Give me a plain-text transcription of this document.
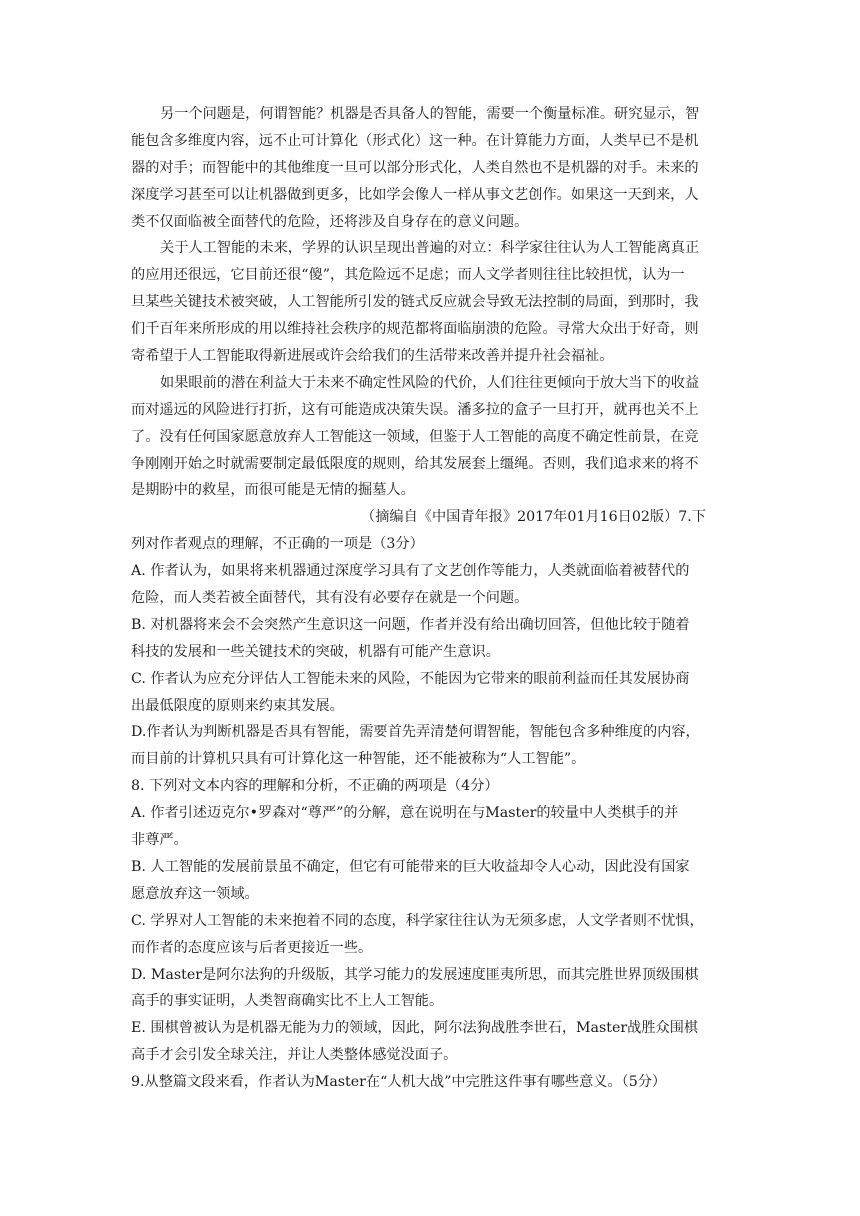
另一个问题是，何谓智能？机器是否具备人的智能，需要一个衡量标准。研究显示，智
能包含多维度内容，远不止可计算化（形式化）这一种。在计算能力方面，人类早已不是机
器的对手；而智能中的其他维度一旦可以部分形式化，人类自然也不是机器的对手。未来的
深度学习甚至可以让机器做到更多，比如学会像人一样从事文艺创作。如果这一天到来，人
类不仅面临被全面替代的危险，还将涉及自身存在的意义问题。
关于人工智能的未来，学界的认识呈现出普遍的对立：科学家往往认为人工智能离真正
的应用还很远，它目前还很“傻”，其危险远不足虑；而人文学者则往往比较担忧，认为一
旦某些关键技术被突破，人工智能所引发的链式反应就会导致无法控制的局面，到那时，我
们千百年来所形成的用以维持社会秩序的规范都将面临崩溃的危险。寻常大众出于好奇，则
寄希望于人工智能取得新进展或许会给我们的生活带来改善并提升社会福祉。
如果眼前的潜在利益大于未来不确定性风险的代价，人们往往更倾向于放大当下的收益
而对遥远的风险进行打折，这有可能造成决策失误。潘多拉的盒子一旦打开，就再也关不上
了。没有任何国家愿意放弃人工智能这一领域，但鉴于人工智能的高度不确定性前景，在竞
争刚刚开始之时就需要制定最低限度的规则，给其发展套上缰绳。否则，我们追求来的将不
是期盼中的救星，而很可能是无情的掘墓人。
（摘编自《中国青年报》2017年01月16日02版）7.下
列对作者观点的理解，不正确的一项是（3分）
A. 作者认为，如果将来机器通过深度学习具有了文艺创作等能力，人类就面临着被替代的
危险，而人类若被全面替代，其有没有必要存在就是一个问题。
B. 对机器将来会不会突然产生意识这一问题，作者并没有给出确切回答，但他比较于随着
科技的发展和一些关键技术的突破，机器有可能产生意识。
C. 作者认为应充分评估人工智能未来的风险，不能因为它带来的眼前利益而任其发展协商
出最低限度的原则来约束其发展。
D.作者认为判断机器是否具有智能，需要首先弄清楚何谓智能，智能包含多种维度的内容，
而目前的计算机只具有可计算化这一种智能，还不能被称为“人工智能”。
8. 下列对文本内容的理解和分析，不正确的两项是（4分）
A. 作者引述迈克尔•罗森对“尊严”的分解，意在说明在与Master的较量中人类棋手的并
非尊严。
B. 人工智能的发展前景虽不确定，但它有可能带来的巨大收益却令人心动，因此没有国家
愿意放弃这一领域。
C. 学界对人工智能的未来抱着不同的态度，科学家往往认为无须多虑，人文学者则不忧惧，
而作者的态度应该与后者更接近一些。
D. Master是阿尔法狗的升级版，其学习能力的发展速度匪夷所思，而其完胜世界顶级围棋
高手的事实证明，人类智商确实比不上人工智能。
E. 围棋曾被认为是机器无能为力的领域，因此，阿尔法狗战胜李世石，Master战胜众围棋
高手才会引发全球关注，并让人类整体感觉没面子。
9.从整篇文段来看，作者认为Master在“人机大战”中完胜这件事有哪些意义。（5分）
